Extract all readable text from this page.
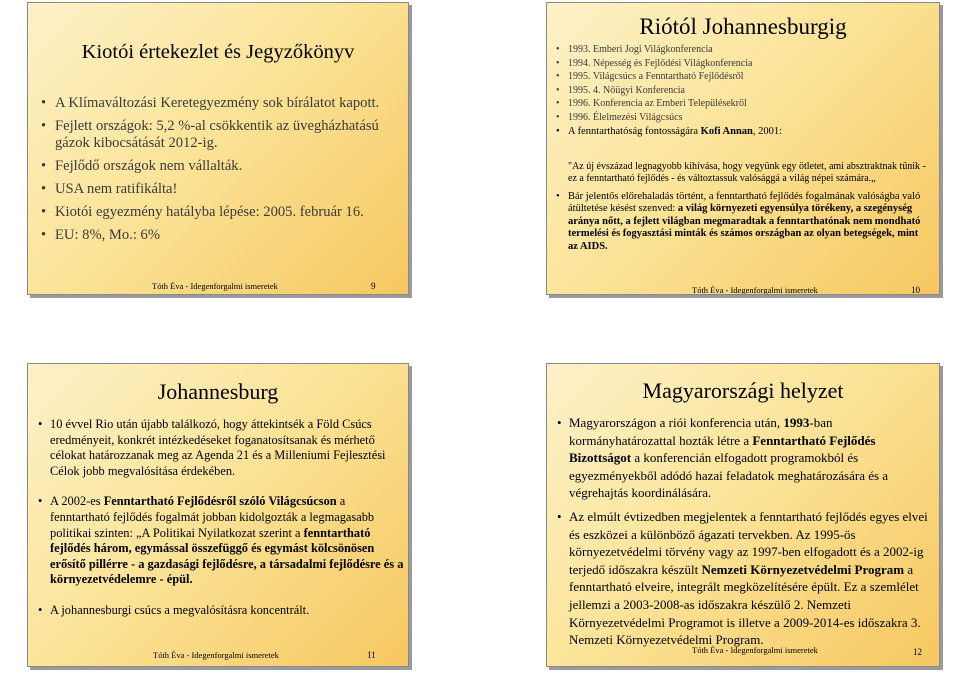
Kiotói értekezlet és Jegyzőkönyv
• A Klímaváltozási Keretegyezmény sok bírálatot kapott.
• Fejlett országok: 5,2 %-al csökkentik az üvegházhatású gázok kibocsátását 2012-ig.
• Fejlődő országok nem vállalták.
• USA nem ratifikálta!
• Kiotói egyezmény hatályba lépése: 2005. február 16.
• EU: 8%, Mo.: 6%
Tóth Éva - Idegenforgalmi ismeretek	9
Riótól Johannesburgig
• 1993. Emberi Jogi Világkonferencia
• 1994. Népesség és Fejlődési Világkonferencia
• 1995. Világcsúcs a Fenntartható Fejlődésről
• 1995. 4. Nőügyi Konferencia
• 1996. Konferencia az Emberi Településekről
• 1996. Élelmezési Világcsúcs
• A fenntarthatóság fontosságára Kofi Annan, 2001:
"Az új évszázad legnagyobb kihívása, hogy vegyünk egy ötletet, ami absztraktnak tűnik - ez a fenntartható fejlődés - és változtassuk valósággá a világ népei számára.„
• Bár jelentős előrehaladás történt, a fenntartható fejlődés fogalmának valóságba való átültetése késést szenved: a világ környezeti egyensúlya törékeny, a szegénység aránya nőtt, a fejlett világban megmaradtak a fenntarthatónak nem mondható termelési és fogyasztási minták és számos országban az olyan betegségek, mint az AIDS.
Tóth Éva - Idegenforgalmi ismeretek	10
Johannesburg
• 10 évvel Rio után újabb találkozó, hogy áttekintsék a Föld Csúcs eredményeit, konkrét intézkedéseket foganatosítsanak és mérhető célokat határozzanak meg az Agenda 21 és a Milleniumi Fejlesztési Célok jobb megvalósítása érdekében.
• A 2002-es Fenntartható Fejlődésről szóló Világcsúcson a fenntartható fejlődés fogalmát jobban kidolgozták a legmagasabb politikai szinten: „A Politikai Nyilatkozat szerint a fenntartható fejlődés három, egymással összefüggő és egymást kölcsönösen erősítő pillérre - a gazdasági fejlődésre, a társadalmi fejlődésre és a környezetvédelemre - épül.
• A johannesburgi csúcs a megvalósításra koncentrált.
Tóth Éva - Idegenforgalmi ismeretek	11
Magyarországi helyzet
• Magyarországon a riói konferencia után, 1993-ban kormányhatározattal hozták létre a Fenntartható Fejlődés Bizottságot a konferencián elfogadott programokból és egyezményekből adódó hazai feladatok meghatározására és a végrehajtás koordinálására.
• Az elmúlt évtizedben megjelentek a fenntartható fejlődés egyes elvei és eszközei a különböző ágazati tervekben. Az 1995-ös környezetvédelmi törvény vagy az 1997-ben elfogadott és a 2002-ig terjedő időszakra készült Nemzeti Környezetvédelmi Program a fenntartható elveire, integrált megközelítésére épült. Ez a szemlélet jellemzi a 2003-2008-as időszakra készülő 2. Nemzeti Környezetvédelmi Programot is illetve a 2009-2014-es időszakra 3. Nemzeti Környezetvédelmi Program.
Tóth Éva - Idegenforgalmi ismeretek	12
